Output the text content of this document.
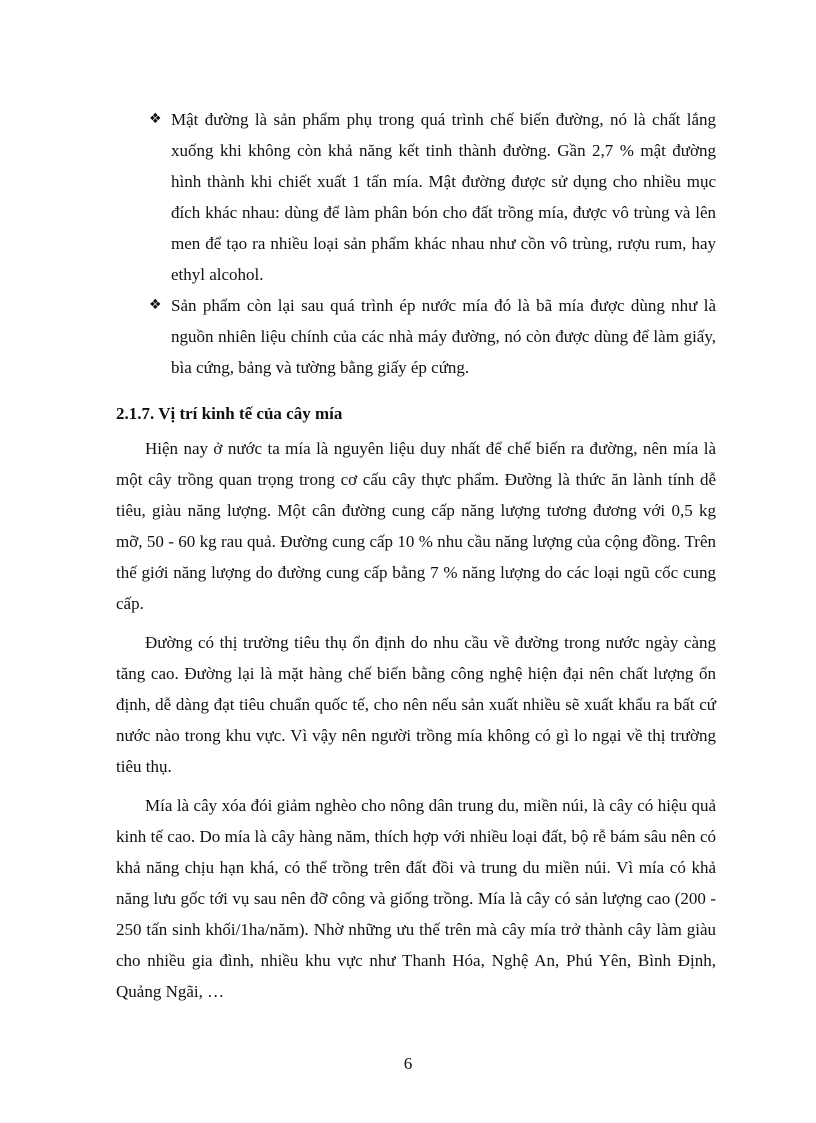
❖ Mật đường là sản phẩm phụ trong quá trình chế biến đường, nó là chất lắng xuống khi không còn khả năng kết tinh thành đường. Gần 2,7 % mật đường hình thành khi chiết xuất 1 tấn mía. Mật đường được sử dụng cho nhiều mục đích khác nhau: dùng để làm phân bón cho đất trồng mía, được vô trùng và lên men để tạo ra nhiều loại sản phẩm khác nhau như cồn vô trùng, rượu rum, hay ethyl alcohol.

❖ Sản phẩm còn lại sau quá trình ép nước mía đó là bã mía được dùng như là nguồn nhiên liệu chính của các nhà máy đường, nó còn được dùng để làm giấy, bìa cứng, bảng và tường bằng giấy ép cứng.

2.1.7. Vị trí kinh tế của cây mía

Hiện nay ở nước ta mía là nguyên liệu duy nhất để chế biến ra đường, nên mía là một cây trồng quan trọng trong cơ cấu cây thực phẩm. Đường là thức ăn lành tính dễ tiêu, giàu năng lượng. Một cân đường cung cấp năng lượng tương đương với 0,5 kg mỡ, 50 - 60 kg rau quả. Đường cung cấp 10 % nhu cầu năng lượng của cộng đồng. Trên thế giới năng lượng do đường cung cấp bằng 7 % năng lượng do các loại ngũ cốc cung cấp.

Đường có thị trường tiêu thụ ổn định do nhu cầu về đường trong nước ngày càng tăng cao. Đường lại là mặt hàng chế biến bằng công nghệ hiện đại nên chất lượng ổn định, dễ dàng đạt tiêu chuẩn quốc tế, cho nên nếu sản xuất nhiều sẽ xuất khẩu ra bất cứ nước nào trong khu vực. Vì vậy nên người trồng mía không có gì lo ngại về thị trường tiêu thụ.

Mía là cây xóa đói giảm nghèo cho nông dân trung du, miền núi, là cây có hiệu quả kinh tế cao. Do mía là cây hàng năm, thích hợp với nhiều loại đất, bộ rễ bám sâu nên có khả năng chịu hạn khá, có thể trồng trên đất đồi và trung du miền núi. Vì mía có khả năng lưu gốc tới vụ sau nên đỡ công và giống trồng. Mía là cây có sản lượng cao (200 - 250 tấn sinh khối/1ha/năm). Nhờ những ưu thế trên mà cây mía trở thành cây làm giàu cho nhiều gia đình, nhiều khu vực như Thanh Hóa, Nghệ An, Phú Yên, Bình Định, Quảng Ngãi, …

6
